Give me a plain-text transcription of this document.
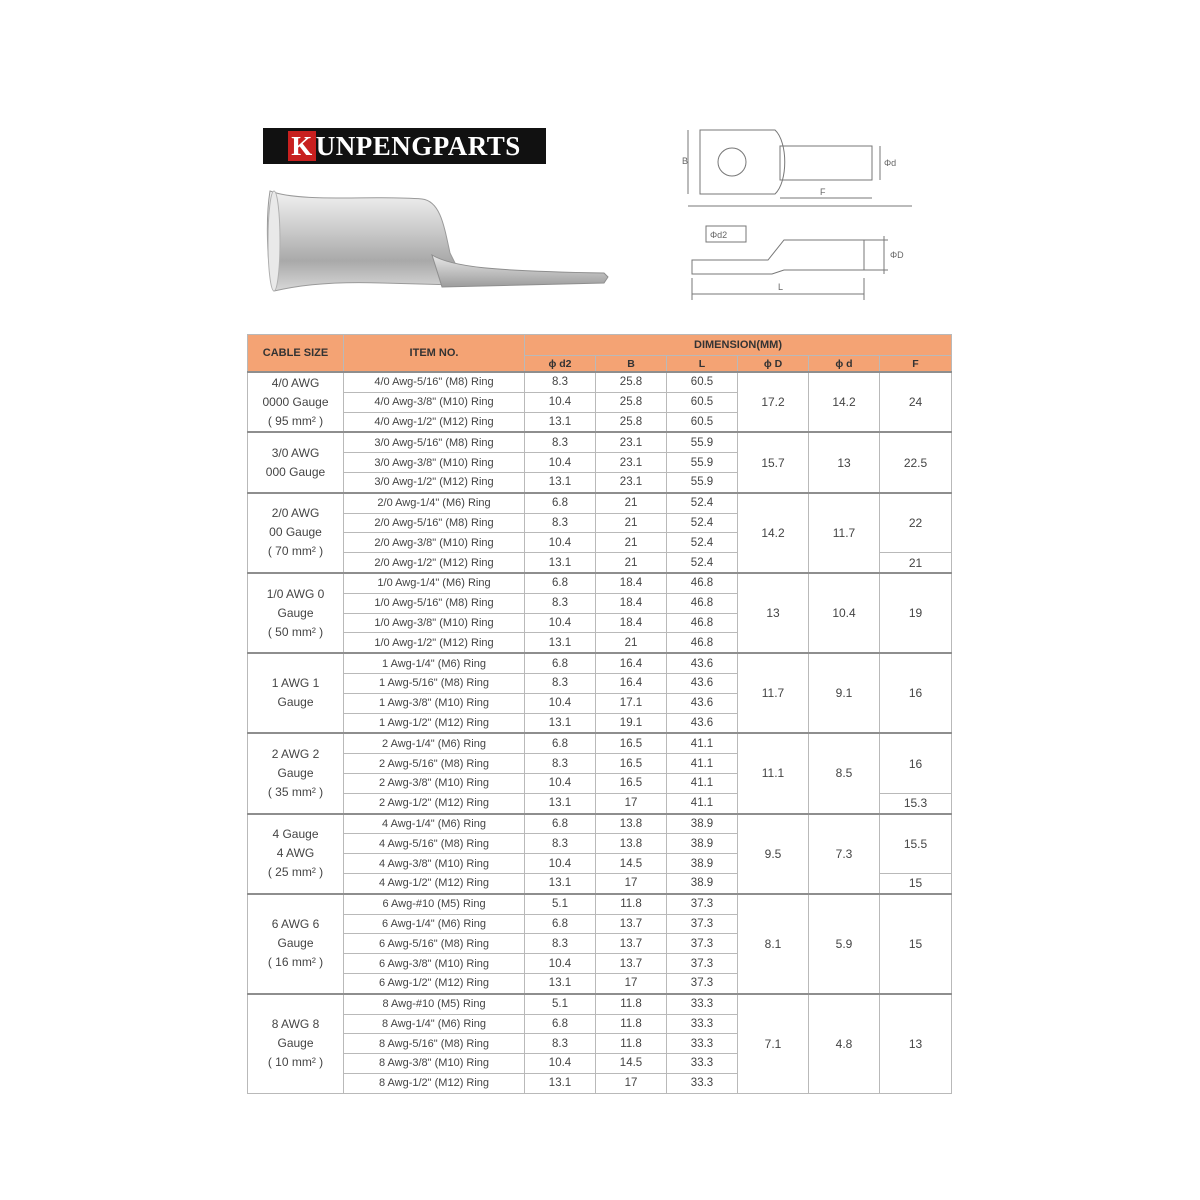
K UNPENGPARTS	B	Φd
F
Φd2
ΦD
L
CABLE SIZE	ITEM NO.	DIMENSION(MM)					
		ϕ d2	B	L	ϕ D	ϕ d	F

4/0 AWG
0000 Gauge
( 95 mm² )	4/0 Awg-5/16" (M8) Ring	8.3	25.8	60.5	17.2	14.2	24
	4/0 Awg-3/8" (M10) Ring	10.4	25.8	60.5			
	4/0 Awg-1/2" (M12) Ring	13.1	25.8	60.5			

3/0 AWG
000 Gauge	3/0 Awg-5/16" (M8) Ring	8.3	23.1	55.9	15.7	13	22.5
	3/0 Awg-3/8" (M10) Ring	10.4	23.1	55.9			
	3/0 Awg-1/2" (M12) Ring	13.1	23.1	55.9			

2/0 AWG
00 Gauge
( 70 mm² )	2/0 Awg-1/4" (M6) Ring	6.8	21	52.4	14.2	11.7	22
	2/0 Awg-5/16" (M8) Ring	8.3	21	52.4			
	2/0 Awg-3/8" (M10) Ring	10.4	21	52.4			
	2/0 Awg-1/2" (M12) Ring	13.1	21	52.4			21

1/0 AWG 0
Gauge
( 50 mm² )	1/0 Awg-1/4" (M6) Ring	6.8	18.4	46.8	13	10.4	19
	1/0 Awg-5/16" (M8) Ring	8.3	18.4	46.8			
	1/0 Awg-3/8" (M10) Ring	10.4	18.4	46.8			
	1/0 Awg-1/2" (M12) Ring	13.1	21	46.8			

1 AWG 1
Gauge	1 Awg-1/4" (M6) Ring	6.8	16.4	43.6	11.7	9.1	16
	1 Awg-5/16" (M8) Ring	8.3	16.4	43.6			
	1 Awg-3/8" (M10) Ring	10.4	17.1	43.6			
	1 Awg-1/2" (M12) Ring	13.1	19.1	43.6			

2 AWG 2
Gauge
( 35 mm² )	2 Awg-1/4" (M6) Ring	6.8	16.5	41.1	11.1	8.5	16
	2 Awg-5/16" (M8) Ring	8.3	16.5	41.1			
	2 Awg-3/8" (M10) Ring	10.4	16.5	41.1			
	2 Awg-1/2" (M12) Ring	13.1	17	41.1			15.3

4 Gauge
4 AWG
( 25 mm² )	4 Awg-1/4" (M6) Ring	6.8	13.8	38.9	9.5	7.3	15.5
	4 Awg-5/16" (M8) Ring	8.3	13.8	38.9			
	4 Awg-3/8" (M10) Ring	10.4	14.5	38.9			
	4 Awg-1/2" (M12) Ring	13.1	17	38.9			15

6 AWG 6
Gauge
( 16 mm² )	6 Awg-#10 (M5) Ring	5.1	11.8	37.3	8.1	5.9	15
	6 Awg-1/4" (M6) Ring	6.8	13.7	37.3			
	6 Awg-5/16" (M8) Ring	8.3	13.7	37.3			
	6 Awg-3/8" (M10) Ring	10.4	13.7	37.3			
	6 Awg-1/2" (M12) Ring	13.1	17	37.3			

8 AWG 8
Gauge
( 10 mm² )	8 Awg-#10 (M5) Ring	5.1	11.8	33.3	7.1	4.8	13
	8 Awg-1/4" (M6) Ring	6.8	11.8	33.3			
	8 Awg-5/16" (M8) Ring	8.3	11.8	33.3			
	8 Awg-3/8" (M10) Ring	10.4	14.5	33.3			
	8 Awg-1/2" (M12) Ring	13.1	17	33.3			
